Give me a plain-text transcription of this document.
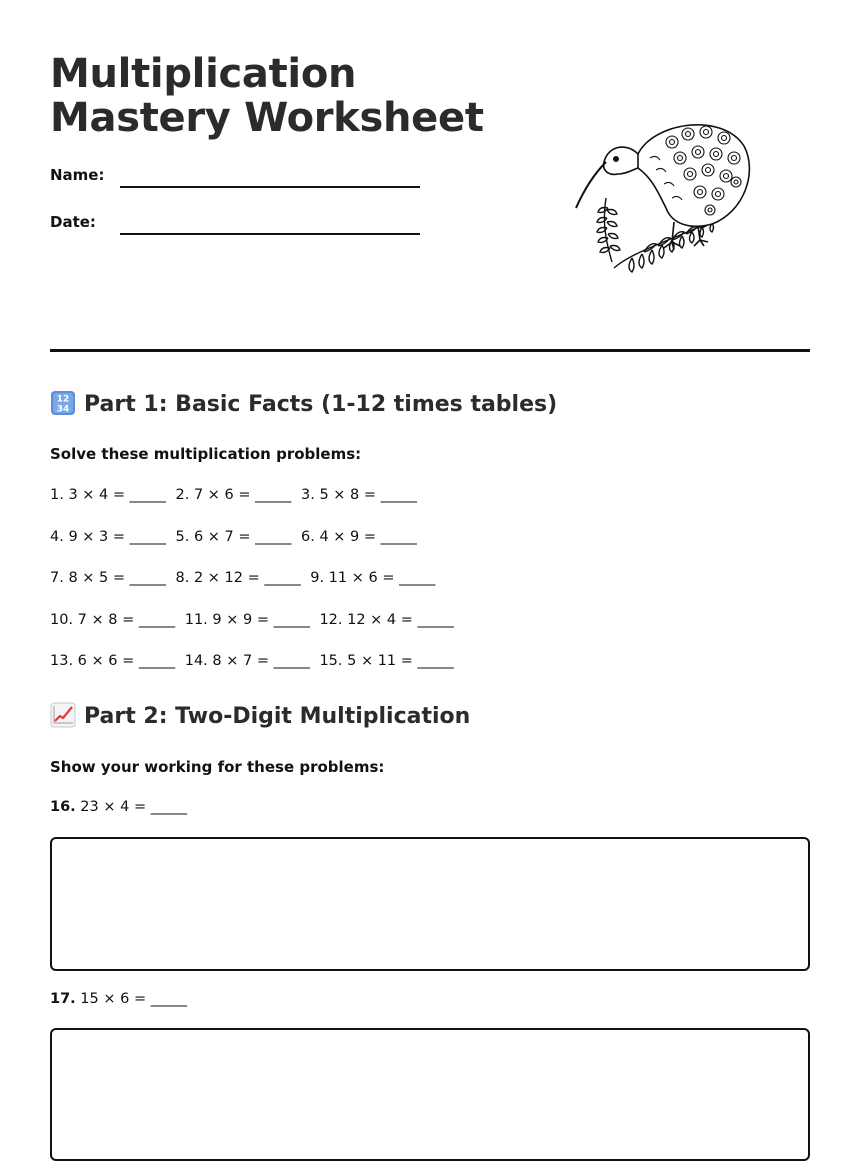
Multiplication Mastery Worksheet
Name:
Date:
12
34 Part 1: Basic Facts (1-12 times tables)

Solve these multiplication problems:

1. 3 × 4 = _____ 2. 7 × 6 = _____ 3. 5 × 8 = _____
4. 9 × 3 = _____ 5. 6 × 7 = _____ 6. 4 × 9 = _____
7. 8 × 5 = _____ 8. 2 × 12 = _____ 9. 11 × 6 = _____
10. 7 × 8 = _____ 11. 9 × 9 = _____ 12. 12 × 4 = _____
13. 6 × 6 = _____ 14. 8 × 7 = _____ 15. 5 × 11 = _____
Part 2: Two-Digit Multiplication

Show your working for these problems:

16. 23 × 4 = _____
17. 15 × 6 = _____
